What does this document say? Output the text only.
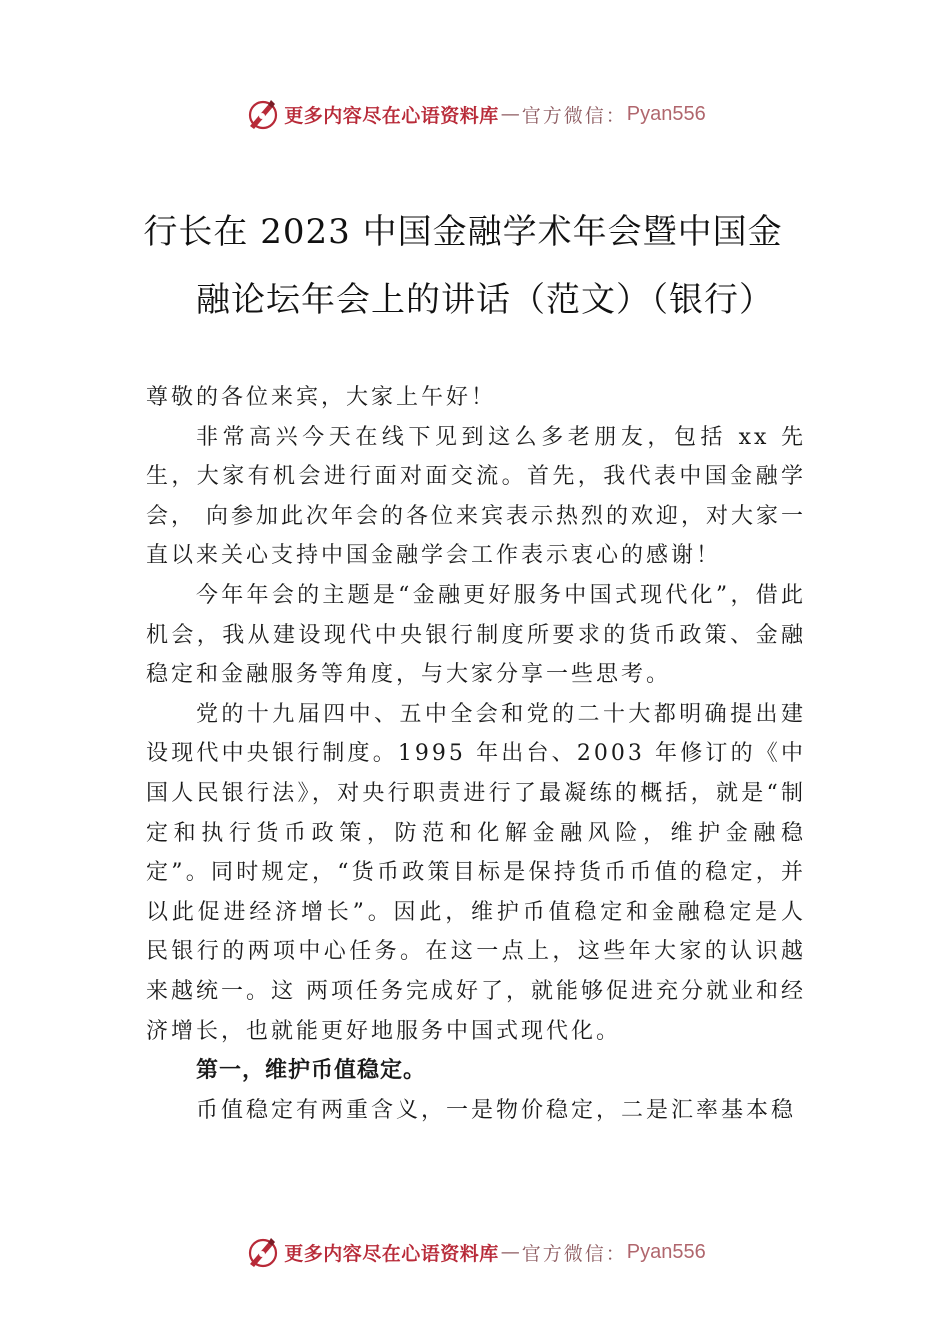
更多内容尽在心语资料库 — 官方微信： Pyan556
行长在 2023 中国金融学术年会暨中国金
融论坛年会上的讲话（范文）（银行）

尊敬的各位来宾，大家上午好！

非常高兴今天在线下见到这么多老朋友，包括 xx 先生，大家有机会进行面对面交流。首先，我代表中国金融学会， 向参加此次年会的各位来宾表示热烈的欢迎，对大家一直以来关心支持中国金融学会工作表示衷心的感谢！

今年年会的主题是“金融更好服务中国式现代化”，借此机会，我从建设现代中央银行制度所要求的货币政策、金融稳定和金融服务等角度，与大家分享一些思考。

党的十九届四中、五中全会和党的二十大都明确提出建设现代中央银行制度。1995 年出台、2003 年修订的《中国人民银行法》，对央行职责进行了最凝练的概括，就是“制定和执行货币政策，防范和化解金融风险，维护金融稳定”。同时规定，“货币政策目标是保持货币币值的稳定，并以此促进经济增长”。因此，维护币值稳定和金融稳定是人民银行的两项中心任务。在这一点上，这些年大家的认识越来越统一。这 两项任务完成好了，就能够促进充分就业和经济增长，也就能更好地服务中国式现代化。

第一，维护币值稳定。

币值稳定有两重含义，一是物价稳定，二是汇率基本稳

更多内容尽在心语资料库 — 官方微信： Pyan556
